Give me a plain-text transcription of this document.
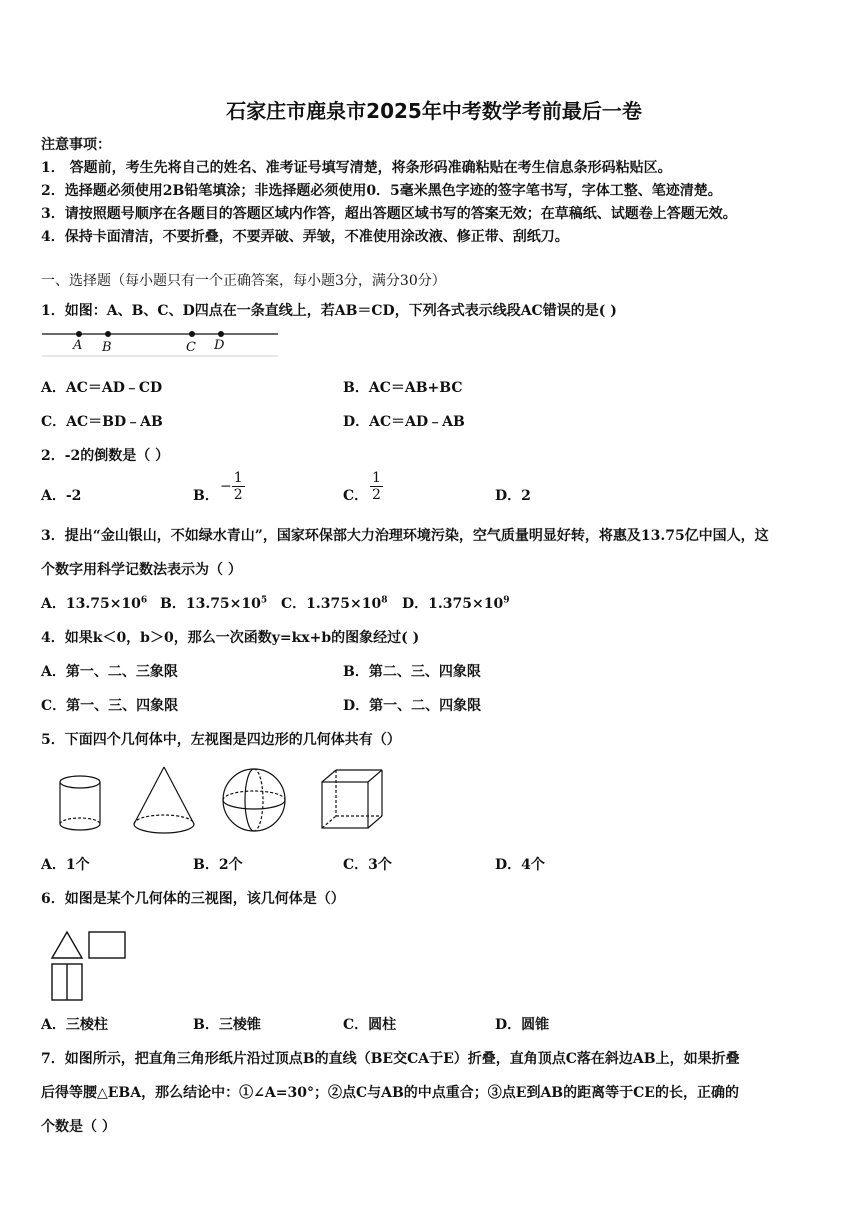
石家庄市鹿泉市2025年中考数学考前最后一卷
注意事项：
1． 答题前，考生先将自己的姓名、准考证号填写清楚，将条形码准确粘贴在考生信息条形码粘贴区。
2．选择题必须使用2B铅笔填涂；非选择题必须使用0．5毫米黑色字迹的签字笔书写，字体工整、笔迹清楚。
3．请按照题号顺序在各题目的答题区域内作答，超出答题区域书写的答案无效；在草稿纸、试题卷上答题无效。
4．保持卡面清洁，不要折叠，不要弄破、弄皱，不准使用涂改液、修正带、刮纸刀。
一、选择题（每小题只有一个正确答案，每小题3分，满分30分）
1．如图：A、B、C、D四点在一条直线上，若AB＝CD，下列各式表示线段AC错误的是( )
A B	C D
A．AC＝AD﹣CD	B．AC＝AB+BC
C．AC＝BD﹣AB	D．AC＝AD﹣AB
2．-2的倒数是（ ）
A．-2	B．
− $\frac{1}{2}$	C． $\frac{1}{2}$	D．2
3．提出“金山银山，不如绿水青山”，国家环保部大力治理环境污染，空气质量明显好转，将惠及13.75亿中国人，这
个数字用科学记数法表示为（ ）
A．$13.75\times 10^6$ B．$13.75\times 10^5$ C．$1.375\times 10^8$ D．$1.375\times 10^9$
4．如果k＜0，b＞0，那么一次函数y=kx+b的图象经过( )
A．第一、二、三象限	B．第二、三、四象限
C．第一、三、四象限	D．第一、二、四象限
5．下面四个几何体中，左视图是四边形的几何体共有（）
A．1个	B．2个	C．3个	D．4个
6．如图是某个几何体的三视图，该几何体是（）
A．三棱柱	B．三棱锥	C．圆柱	D．圆锥
7．如图所示，把直角三角形纸片沿过顶点B的直线（BE交CA于E）折叠，直角顶点C落在斜边AB上，如果折叠
后得等腰△EBA，那么结论中：①∠A=30°；②点C与AB的中点重合；③点E到AB的距离等于CE的长，正确的
个数是（ ）
